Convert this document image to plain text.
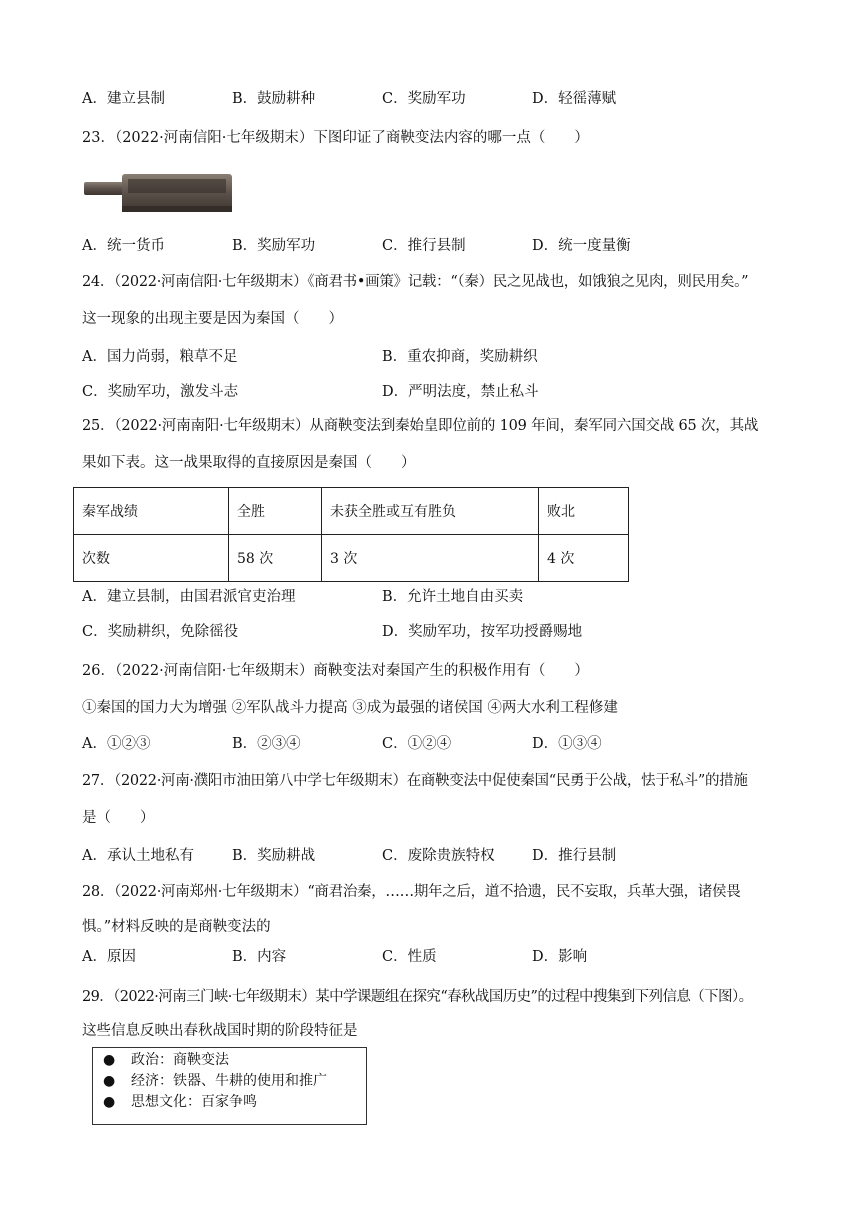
A．建立县制	B．鼓励耕种	C．奖励军功	D．轻徭薄赋
23．（2022·河南信阳·七年级期末）下图印证了商鞅变法内容的哪一点（　　）
A．统一货币	B．奖励军功	C．推行县制	D．统一度量衡
24．（2022·河南信阳·七年级期末）《商君书•画策》记载：“（秦）民之见战也，如饿狼之见肉，则民用矣。”
这一现象的出现主要是因为秦国（　　）
A．国力尚弱，粮草不足	B．重农抑商，奖励耕织
C．奖励军功，激发斗志	D．严明法度，禁止私斗
25．（2022·河南南阳·七年级期末）从商鞅变法到秦始皇即位前的 109 年间，秦军同六国交战 65 次，其战
果如下表。这一战果取得的直接原因是秦国（　　）
秦军战绩	全胜	未获全胜或互有胜负	败北
次数	58 次	3 次	4 次
A．建立县制，由国君派官吏治理	B．允许土地自由买卖
C．奖励耕织，免除徭役	D．奖励军功，按军功授爵赐地
26．（2022·河南信阳·七年级期末）商鞅变法对秦国产生的积极作用有（　　）
①秦国的国力大为增强 ②军队战斗力提高 ③成为最强的诸侯国 ④两大水利工程修建
A．①②③	B．②③④	C．①②④	D．①③④
27．（2022·河南·濮阳市油田第八中学七年级期末）在商鞅变法中促使秦国“民勇于公战，怯于私斗”的措施
是（　　）
A．承认土地私有	B．奖励耕战	C．废除贵族特权	D．推行县制
28．（2022·河南郑州·七年级期末）“商君治秦，……期年之后，道不拾遗，民不妄取，兵革大强，诸侯畏
惧。”材料反映的是商鞅变法的
A．原因	B．内容	C．性质	D．影响
29．（2022·河南三门峡·七年级期末）某中学课题组在探究“春秋战国历史”的过程中搜集到下列信息（下图）。
这些信息反映出春秋战国时期的阶段特征是
● 政治：商鞅变法
● 经济：铁器、牛耕的使用和推广
● 思想文化：百家争鸣
